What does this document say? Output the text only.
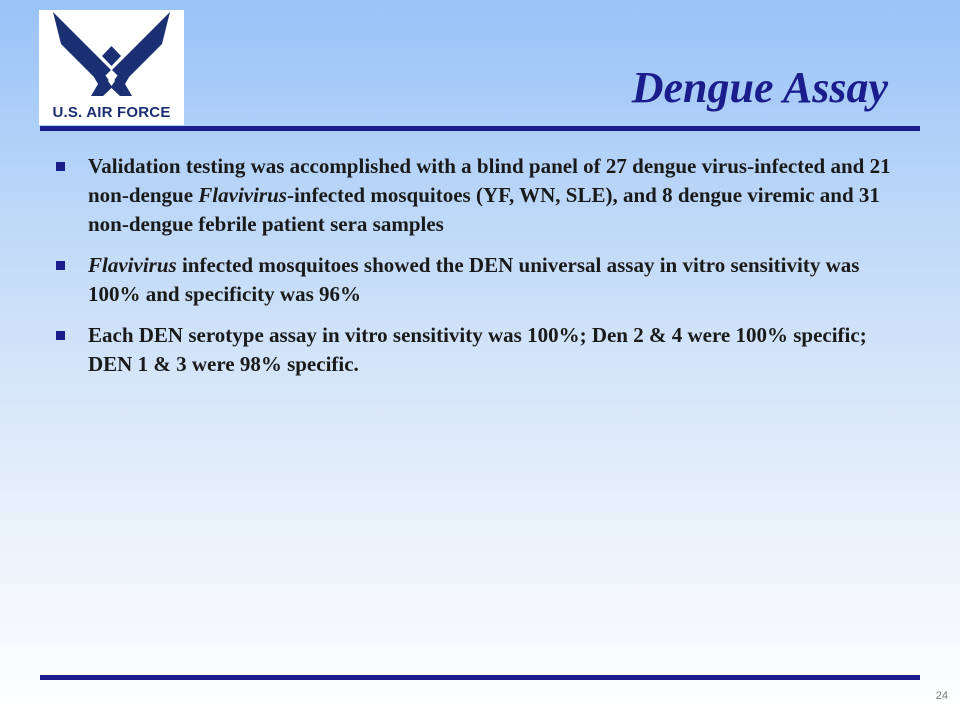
U.S. AIR FORCE
Dengue Assay
Validation testing was accomplished with a blind panel of 27 dengue virus-infected and 21 non-dengue Flavivirus-infected mosquitoes (YF, WN, SLE), and 8 dengue viremic and 31 non-dengue febrile patient sera samples
Flavivirus infected mosquitoes showed the DEN universal assay in vitro sensitivity was 100% and specificity was 96%
Each DEN serotype assay in vitro sensitivity was 100%; Den 2 & 4 were 100% specific; DEN 1 & 3 were 98% specific.
24
